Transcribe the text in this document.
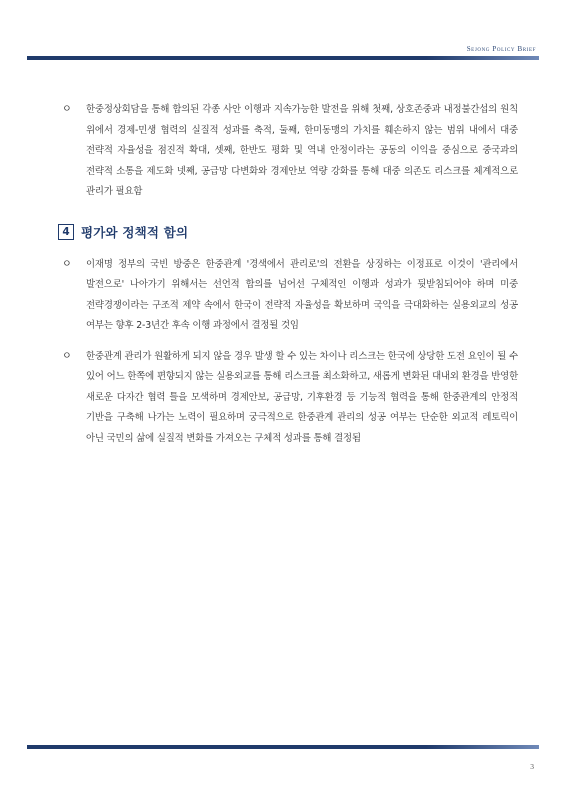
Sejong Policy Brief
ㅇ	한중정상회담을 통해 합의된 각종 사안 이행과 지속가능한 발전을 위해 첫째, 상호존중과 내정불간섭의 원칙 위에서 경제-민생 협력의 실질적 성과를 축적, 둘째, 한미동맹의 가치를 훼손하지 않는 범위 내에서 대중 전략적 자율성을 점진적 확대, 셋째, 한반도 평화 및 역내 안정이라는 공동의 이익을 중심으로 중국과의 전략적 소통을 제도화 넷째, 공급망 다변화와 경제안보 역량 강화를 통해 대중 의존도 리스크를 체계적으로 관리가 필요함
4 평가와 정책적 함의
ㅇ	이재명 정부의 국빈 방중은 한중관계 '경색에서 관리로'의 전환을 상징하는 이정표로 이것이 '관리에서 발전으로' 나아가기 위해서는 선언적 합의를 넘어선 구체적인 이행과 성과가 뒷받침되어야 하며 미중 전략경쟁이라는 구조적 제약 속에서 한국이 전략적 자율성을 확보하며 국익을 극대화하는 실용외교의 성공 여부는 향후 2-3년간 후속 이행 과정에서 결정될 것임
ㅇ	한중관계 관리가 원활하게 되지 않을 경우 발생 할 수 있는 차이나 리스크는 한국에 상당한 도전 요인이 될 수 있어 어느 한쪽에 편향되지 않는 실용외교를 통해 리스크를 최소화하고, 새롭게 변화된 대내외 환경을 반영한 새로운 다자간 협력 틀을 모색하며 경제안보, 공급망, 기후환경 등 기능적 협력을 통해 한중관계의 안정적 기반을 구축해 나가는 노력이 필요하며 궁극적으로 한중관계 관리의 성공 여부는 단순한 외교적 레토릭이 아닌 국민의 삶에 실질적 변화를 가져오는 구체적 성과를 통해 결정됨
3
